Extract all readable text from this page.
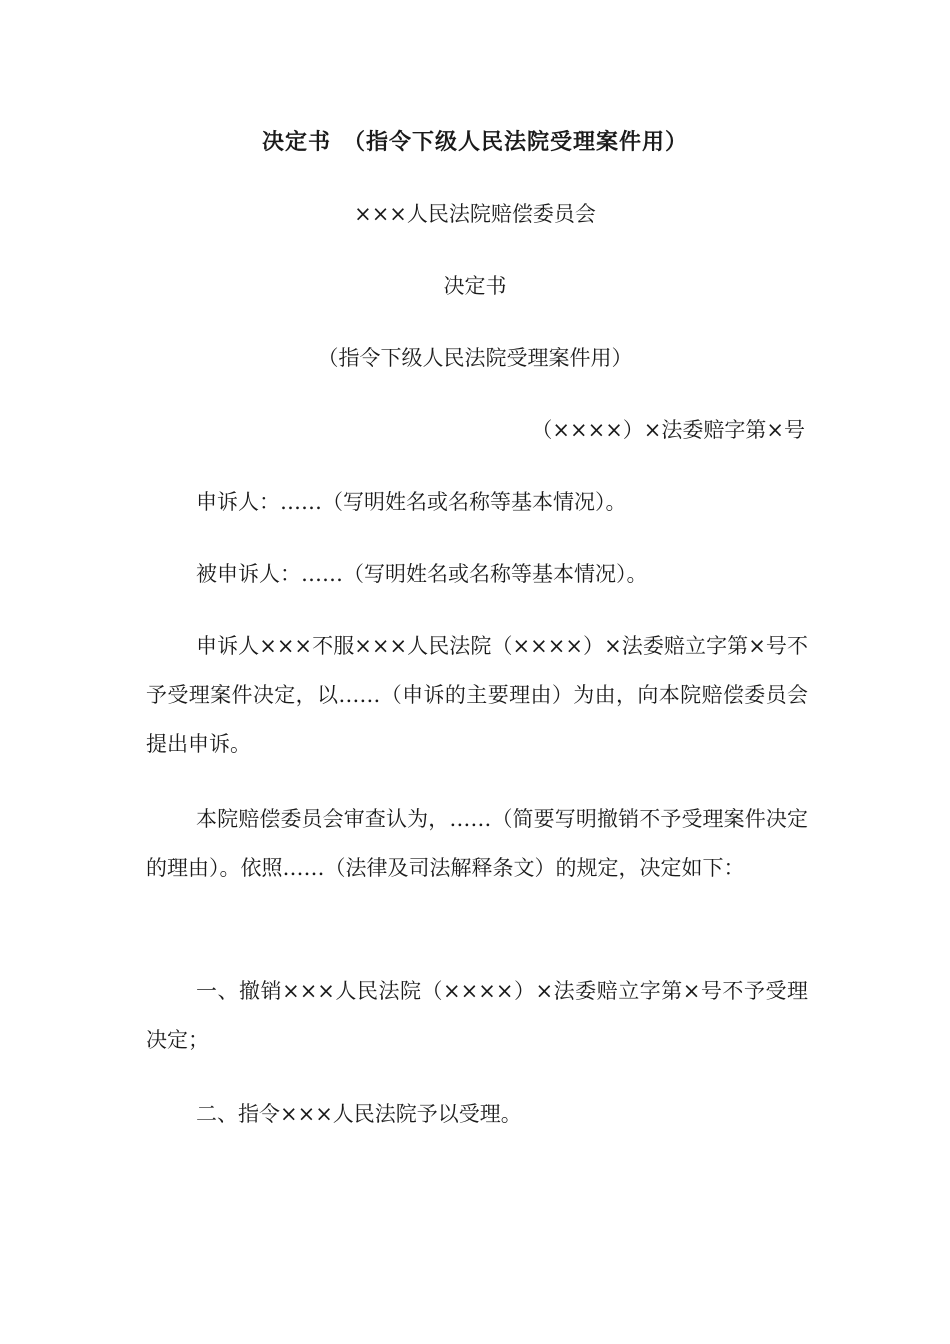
决定书　（指令下级人民法院受理案件用）
×××人民法院赔偿委员会
决定书
（指令下级人民法院受理案件用）
（××××）×法委赔字第×号
申诉人：……（写明姓名或名称等基本情况）。
被申诉人：……（写明姓名或名称等基本情况）。
申诉人×××不服×××人民法院（××××）×法委赔立字第×号不予受理案件决定，以……（申诉的主要理由）为由，向本院赔偿委员会提出申诉。
本院赔偿委员会审查认为，……（简要写明撤销不予受理案件决定的理由）。依照……（法律及司法解释条文）的规定，决定如下：
一、撤销×××人民法院（××××）×法委赔立字第×号不予受理决定；
二、指令×××人民法院予以受理。
